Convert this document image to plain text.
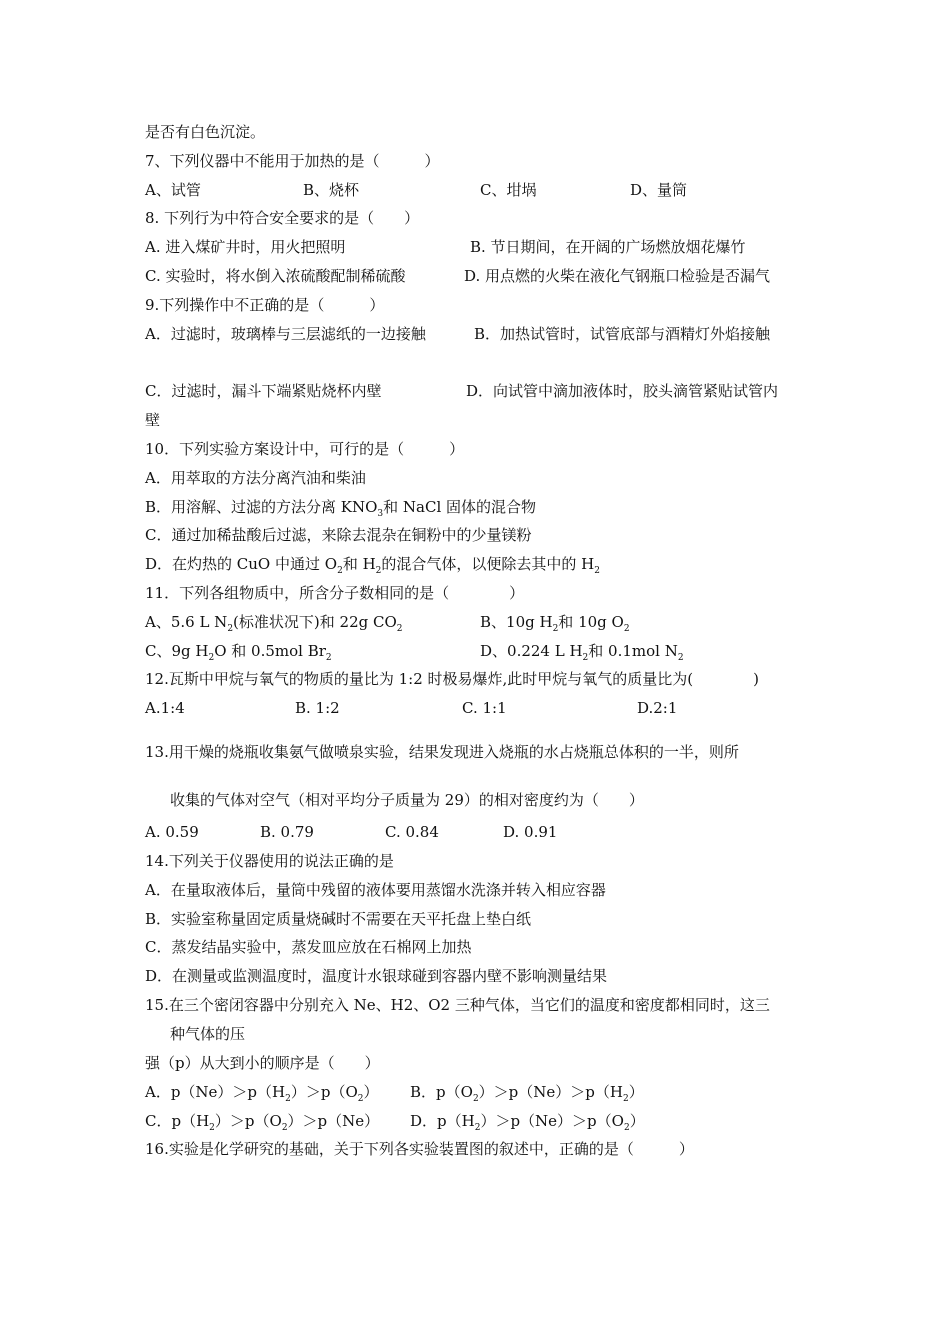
是否有白色沉淀。
7、下列仪器中不能用于加热的是（　　　）
A、试管	B、烧杯	C、坩埚	D、量筒
8. 下列行为中符合安全要求的是（　　）
A. 进入煤矿井时，用火把照明	B. 节日期间，在开阔的广场燃放烟花爆竹
C. 实验时，将水倒入浓硫酸配制稀硫酸	D. 用点燃的火柴在液化气钢瓶口检验是否漏气
9.下列操作中不正确的是（　　　）
A．过滤时，玻璃棒与三层滤纸的一边接触	B．加热试管时，试管底部与酒精灯外焰接触
C．过滤时，漏斗下端紧贴烧杯内壁	D．向试管中滴加液体时，胶头滴管紧贴试管内
壁
10．下列实验方案设计中，可行的是（　　　）
A．用萃取的方法分离汽油和柴油
B．用溶解、过滤的方法分离 $KNO_3$和 NaCl 固体的混合物
C．通过加稀盐酸后过滤，来除去混杂在铜粉中的少量镁粉
D．在灼热的 CuO 中通过 $O_2$和 $H_2$的混合气体，以便除去其中的 $H_2$
11．下列各组物质中，所含分子数相同的是（　　　　）
A、5.6 L $N_2$(标准状况下)和 22g $CO_2$	B、10g $H_2$和 10g $O_2$
C、9g $H_2O$ 和 0.5mol $Br_2$	D、0.224 L $H_2$和 0.1mol $N_2$
12.瓦斯中甲烷与氧气的物质的量比为 1:2 时极易爆炸,此时甲烷与氧气的质量比为(　　　　)
A.1:4	B. 1:2	C. 1:1	D.2:1
13.用干燥的烧瓶收集氨气做喷泉实验，结果发现进入烧瓶的水占烧瓶总体积的一半，则所
收集的气体对空气（相对平均分子质量为 29）的相对密度约为（　　）
A. 0.59	B. 0.79	C. 0.84	D. 0.91
14.下列关于仪器使用的说法正确的是
A．在量取液体后，量筒中残留的液体要用蒸馏水洗涤并转入相应容器
B．实验室称量固定质量烧碱时不需要在天平托盘上垫白纸
C．蒸发结晶实验中，蒸发皿应放在石棉网上加热
D．在测量或监测温度时，温度计水银球碰到容器内壁不影响测量结果
15.在三个密闭容器中分别充入 Ne、H2、O2 三种气体，当它们的温度和密度都相同时，这三
种气体的压
强（p）从大到小的顺序是（　　）
A．$p(Ne)>p(H_2)>p(O_2)$ B．$p(O_2)>p(Ne)>p(H_2)$
C．$p(H_2)>p(O_2)>p(Ne)$ D．$p(H_2)>p(Ne)>p(O_2)$
16.实验是化学研究的基础，关于下列各实验装置图的叙述中，正确的是（　　　）
